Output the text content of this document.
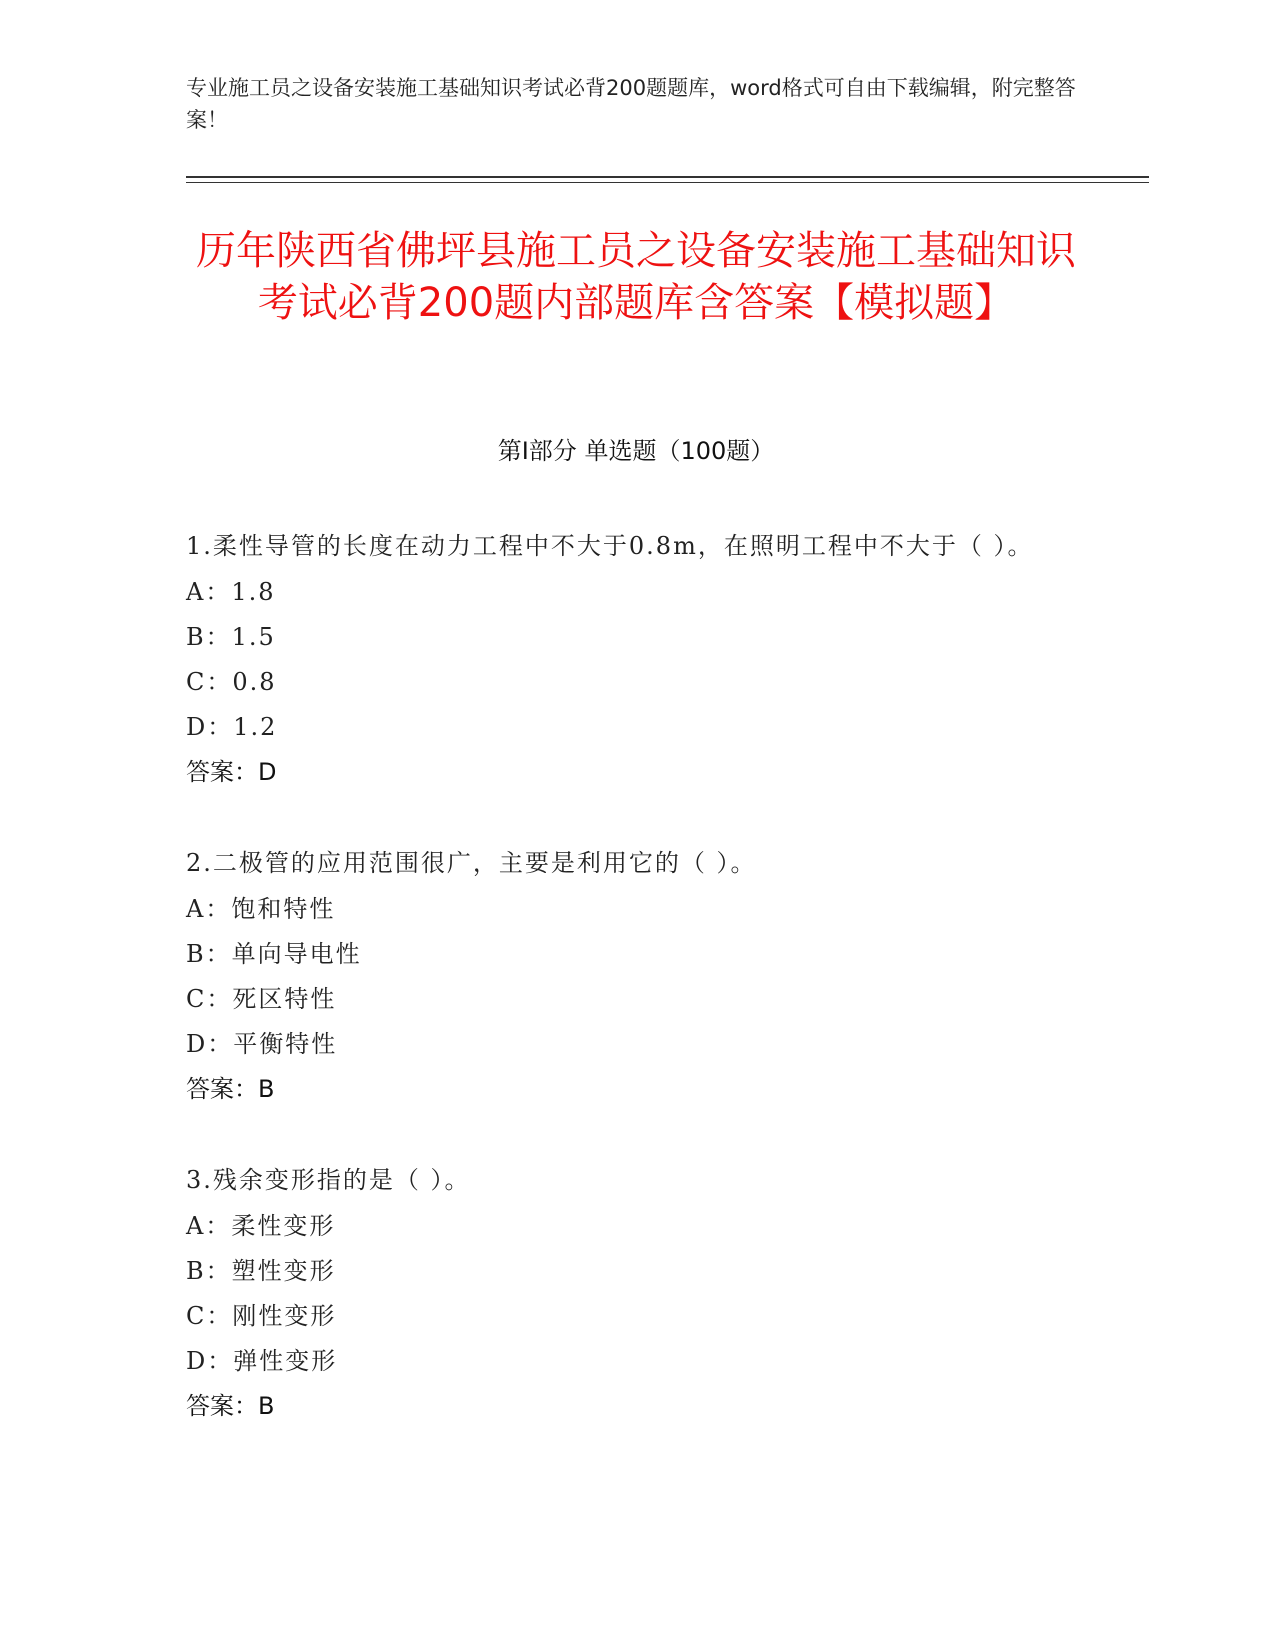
专业施工员之设备安装施工基础知识考试必背200题题库，word格式可自由下载编辑，附完整答案！
历年陕西省佛坪县施工员之设备安装施工基础知识考试必背200题内部题库含答案【模拟题】
第I部分 单选题（100题）
1.柔性导管的长度在动力工程中不大于0.8m，在照明工程中不大于（ ）。
A：1.8
B：1.5
C：0.8
D：1.2
答案：D
2.二极管的应用范围很广，主要是利用它的（ ）。
A：饱和特性
B：单向导电性
C：死区特性
D：平衡特性
答案：B
3.残余变形指的是（ ）。
A：柔性变形
B：塑性变形
C：刚性变形
D：弹性变形
答案：B
